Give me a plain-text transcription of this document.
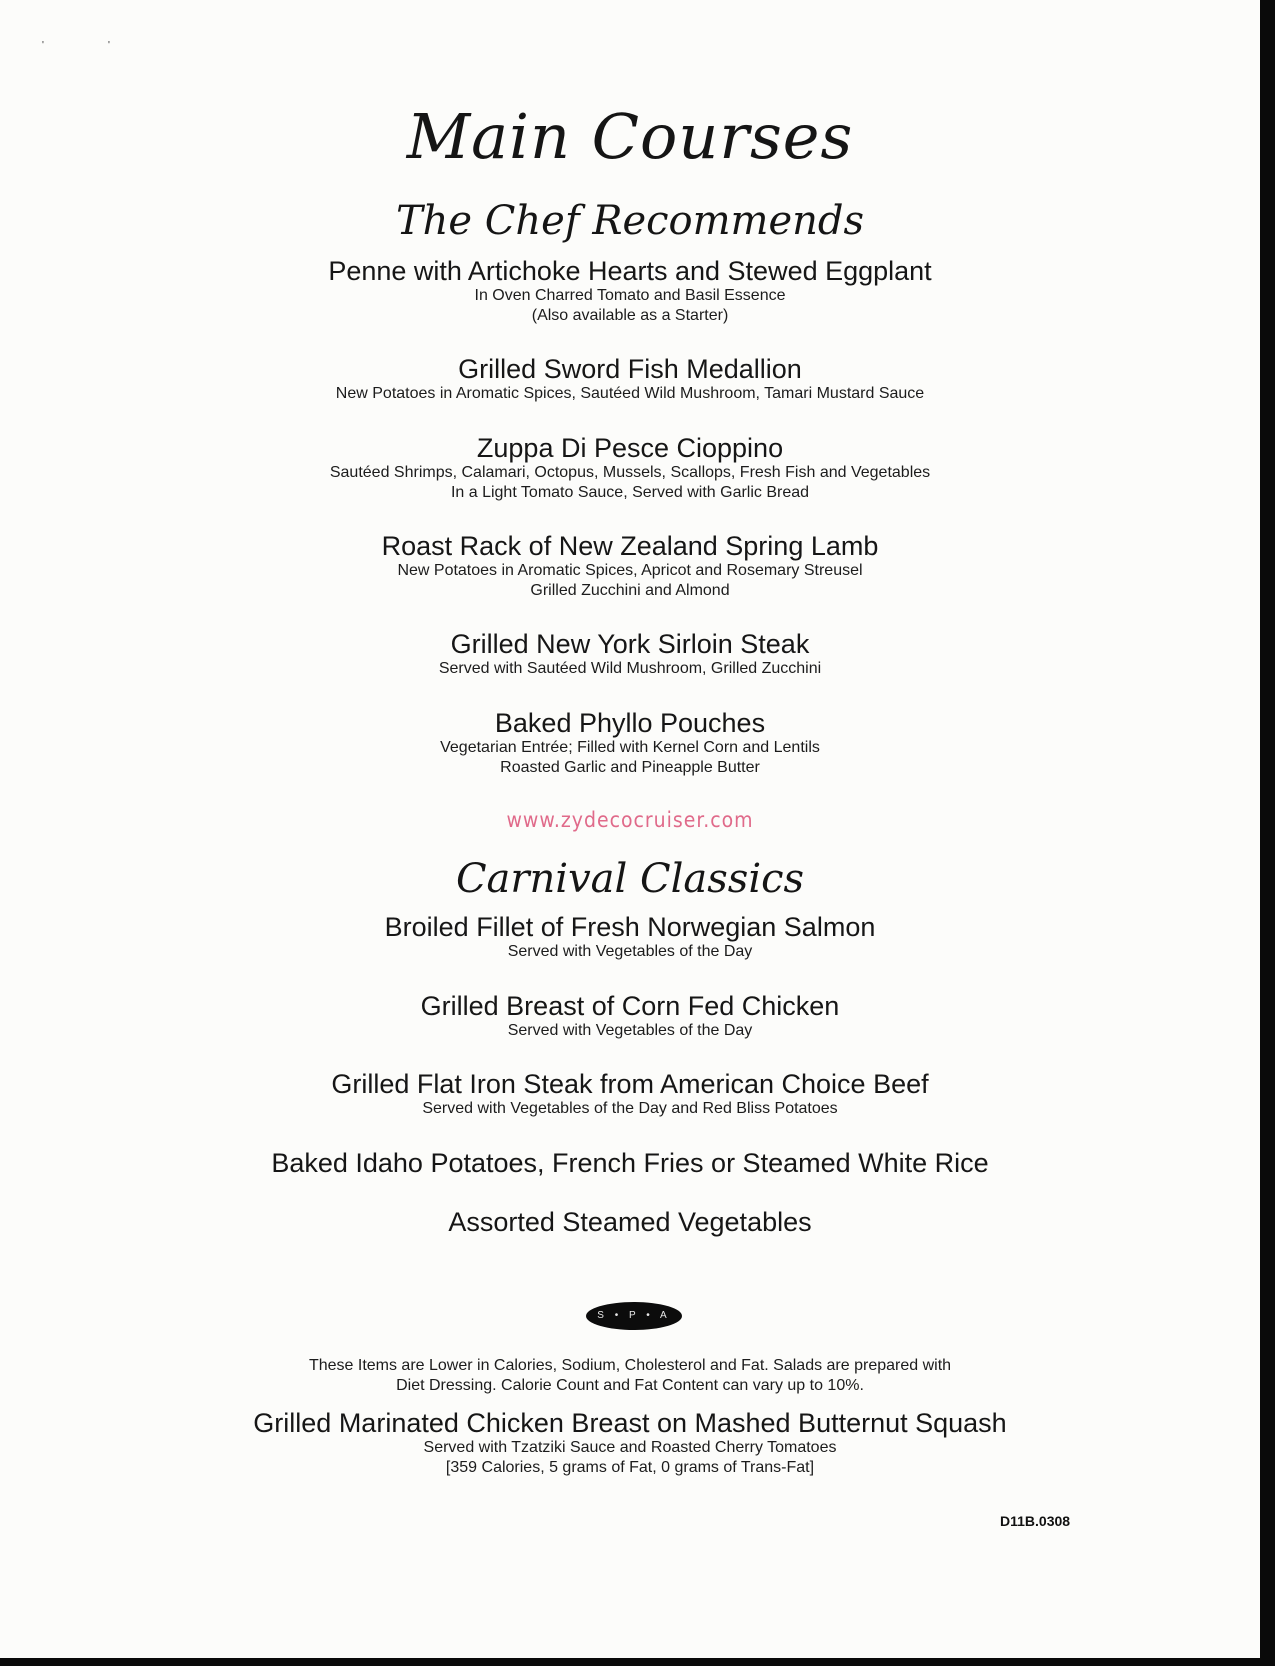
'	'
Main Courses
The Chef Recommends
Penne with Artichoke Hearts and Stewed Eggplant
In Oven Charred Tomato and Basil Essence
(Also available as a Starter)
Grilled Sword Fish Medallion
New Potatoes in Aromatic Spices, Sautéed Wild Mushroom, Tamari Mustard Sauce
Zuppa Di Pesce Cioppino
Sautéed Shrimps, Calamari, Octopus, Mussels, Scallops, Fresh Fish and Vegetables
In a Light Tomato Sauce, Served with Garlic Bread
Roast Rack of New Zealand Spring Lamb
New Potatoes in Aromatic Spices, Apricot and Rosemary Streusel
Grilled Zucchini and Almond
Grilled New York Sirloin Steak
Served with Sautéed Wild Mushroom, Grilled Zucchini
Baked Phyllo Pouches
Vegetarian Entrée; Filled with Kernel Corn and Lentils
Roasted Garlic and Pineapple Butter
www.zydecocruiser.com
Carnival Classics
Broiled Fillet of Fresh Norwegian Salmon
Served with Vegetables of the Day
Grilled Breast of Corn Fed Chicken
Served with Vegetables of the Day
Grilled Flat Iron Steak from American Choice Beef
Served with Vegetables of the Day and Red Bliss Potatoes
Baked Idaho Potatoes, French Fries or Steamed White Rice
Assorted Steamed Vegetables
S • P • A
These Items are Lower in Calories, Sodium, Cholesterol and Fat. Salads are prepared with
Diet Dressing. Calorie Count and Fat Content can vary up to 10%.
Grilled Marinated Chicken Breast on Mashed Butternut Squash
Served with Tzatziki Sauce and Roasted Cherry Tomatoes
[359 Calories, 5 grams of Fat, 0 grams of Trans-Fat]
D11B.0308
